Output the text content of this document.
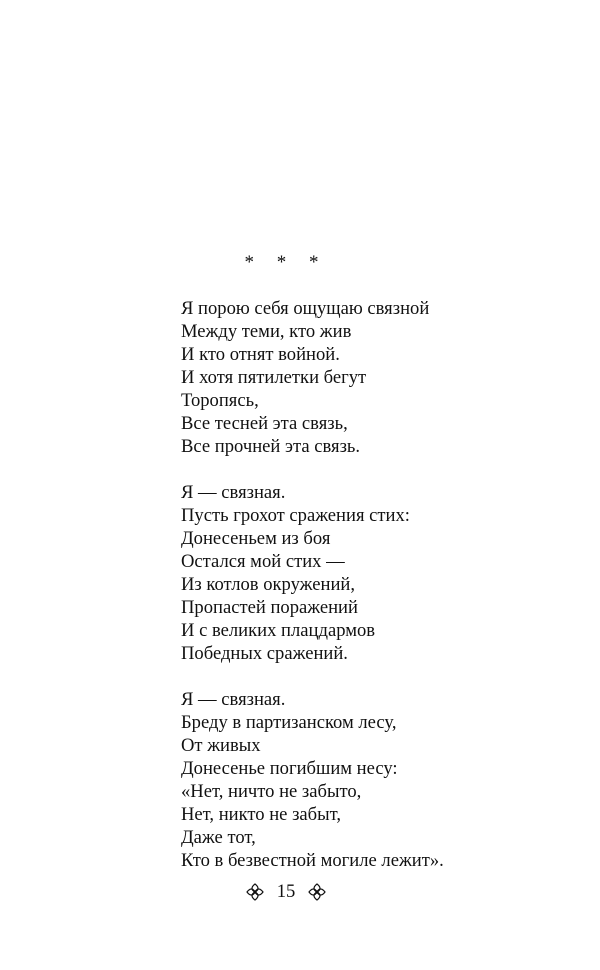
* * *
Я порою себя ощущаю связной
Между теми, кто жив
И кто отнят войной.
И хотя пятилетки бегут
Торопясь,
Все тесней эта связь,
Все прочней эта связь.
Я — связная.
Пусть грохот сражения стих:
Донесеньем из боя
Остался мой стих —
Из котлов окружений,
Пропастей поражений
И с великих плацдармов
Победных сражений.
Я — связная.
Бреду в партизанском лесу,
От живых
Донесенье погибшим несу:
«Нет, ничто не забыто,
Нет, никто не забыт,
Даже тот,
Кто в безвестной могиле лежит».
15
